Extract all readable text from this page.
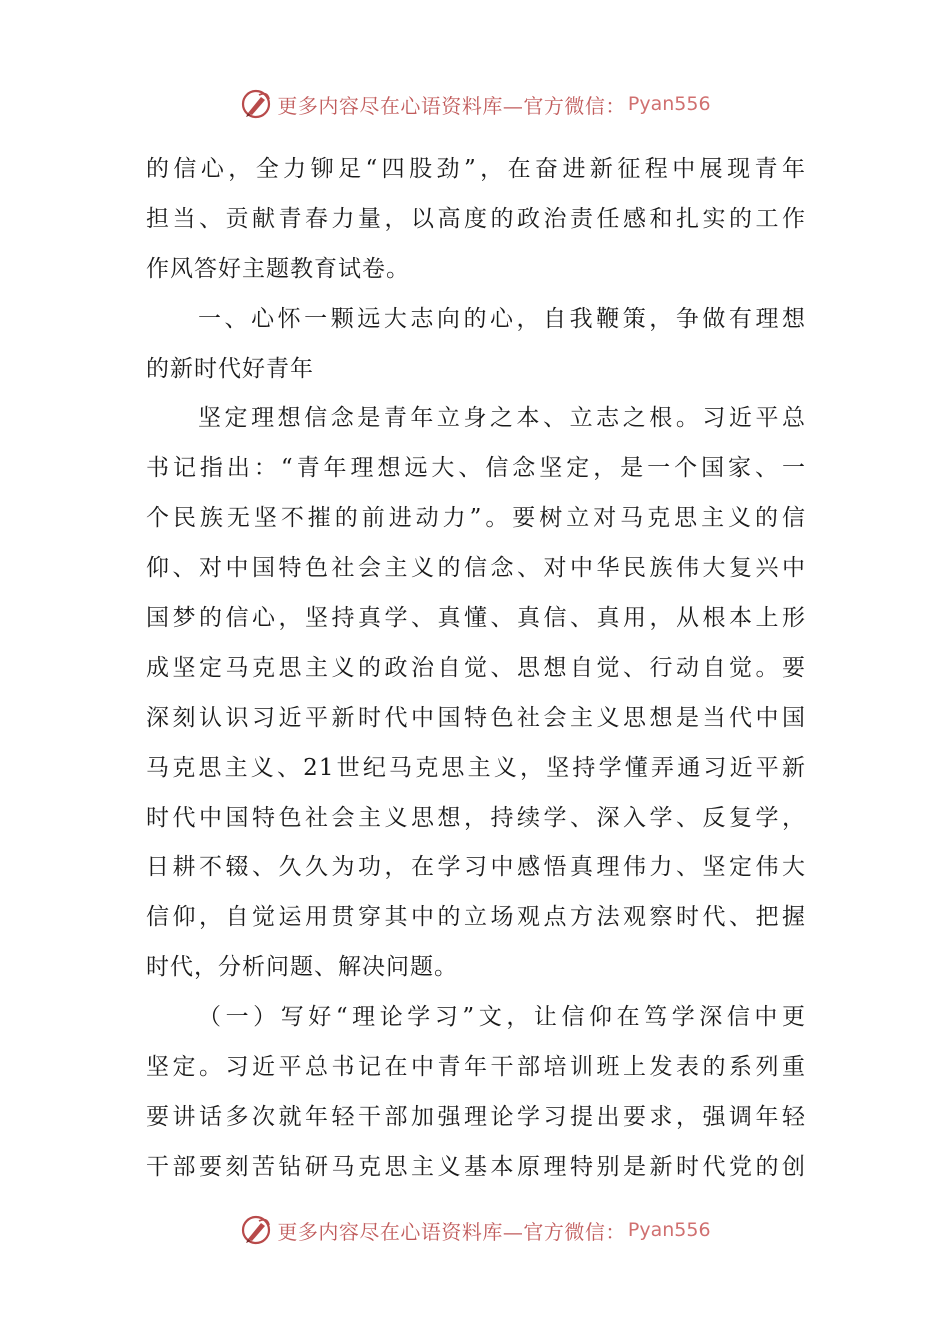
更多内容尽在心语资料库—官方微信： Pyan556
的信心，全力铆足“四股劲”，在奋进新征程中展现青年
担当、贡献青春力量，以高度的政治责任感和扎实的工作
作风答好主题教育试卷。
一、心怀一颗远大志向的心，自我鞭策，争做有理想
的新时代好青年
坚定理想信念是青年立身之本、立志之根。习近平总
书记指出：“青年理想远大、信念坚定，是一个国家、一
个民族无坚不摧的前进动力”。要树立对马克思主义的信
仰、对中国特色社会主义的信念、对中华民族伟大复兴中
国梦的信心，坚持真学、真懂、真信、真用，从根本上形
成坚定马克思主义的政治自觉、思想自觉、行动自觉。要
深刻认识习近平新时代中国特色社会主义思想是当代中国
马克思主义、21世纪马克思主义，坚持学懂弄通习近平新
时代中国特色社会主义思想，持续学、深入学、反复学，
日耕不辍、久久为功，在学习中感悟真理伟力、坚定伟大
信仰，自觉运用贯穿其中的立场观点方法观察时代、把握
时代，分析问题、解决问题。
（一）写好“理论学习”文，让信仰在笃学深信中更
坚定。习近平总书记在中青年干部培训班上发表的系列重
要讲话多次就年轻干部加强理论学习提出要求，强调年轻
干部要刻苦钻研马克思主义基本原理特别是新时代党的创
更多内容尽在心语资料库—官方微信： Pyan556
